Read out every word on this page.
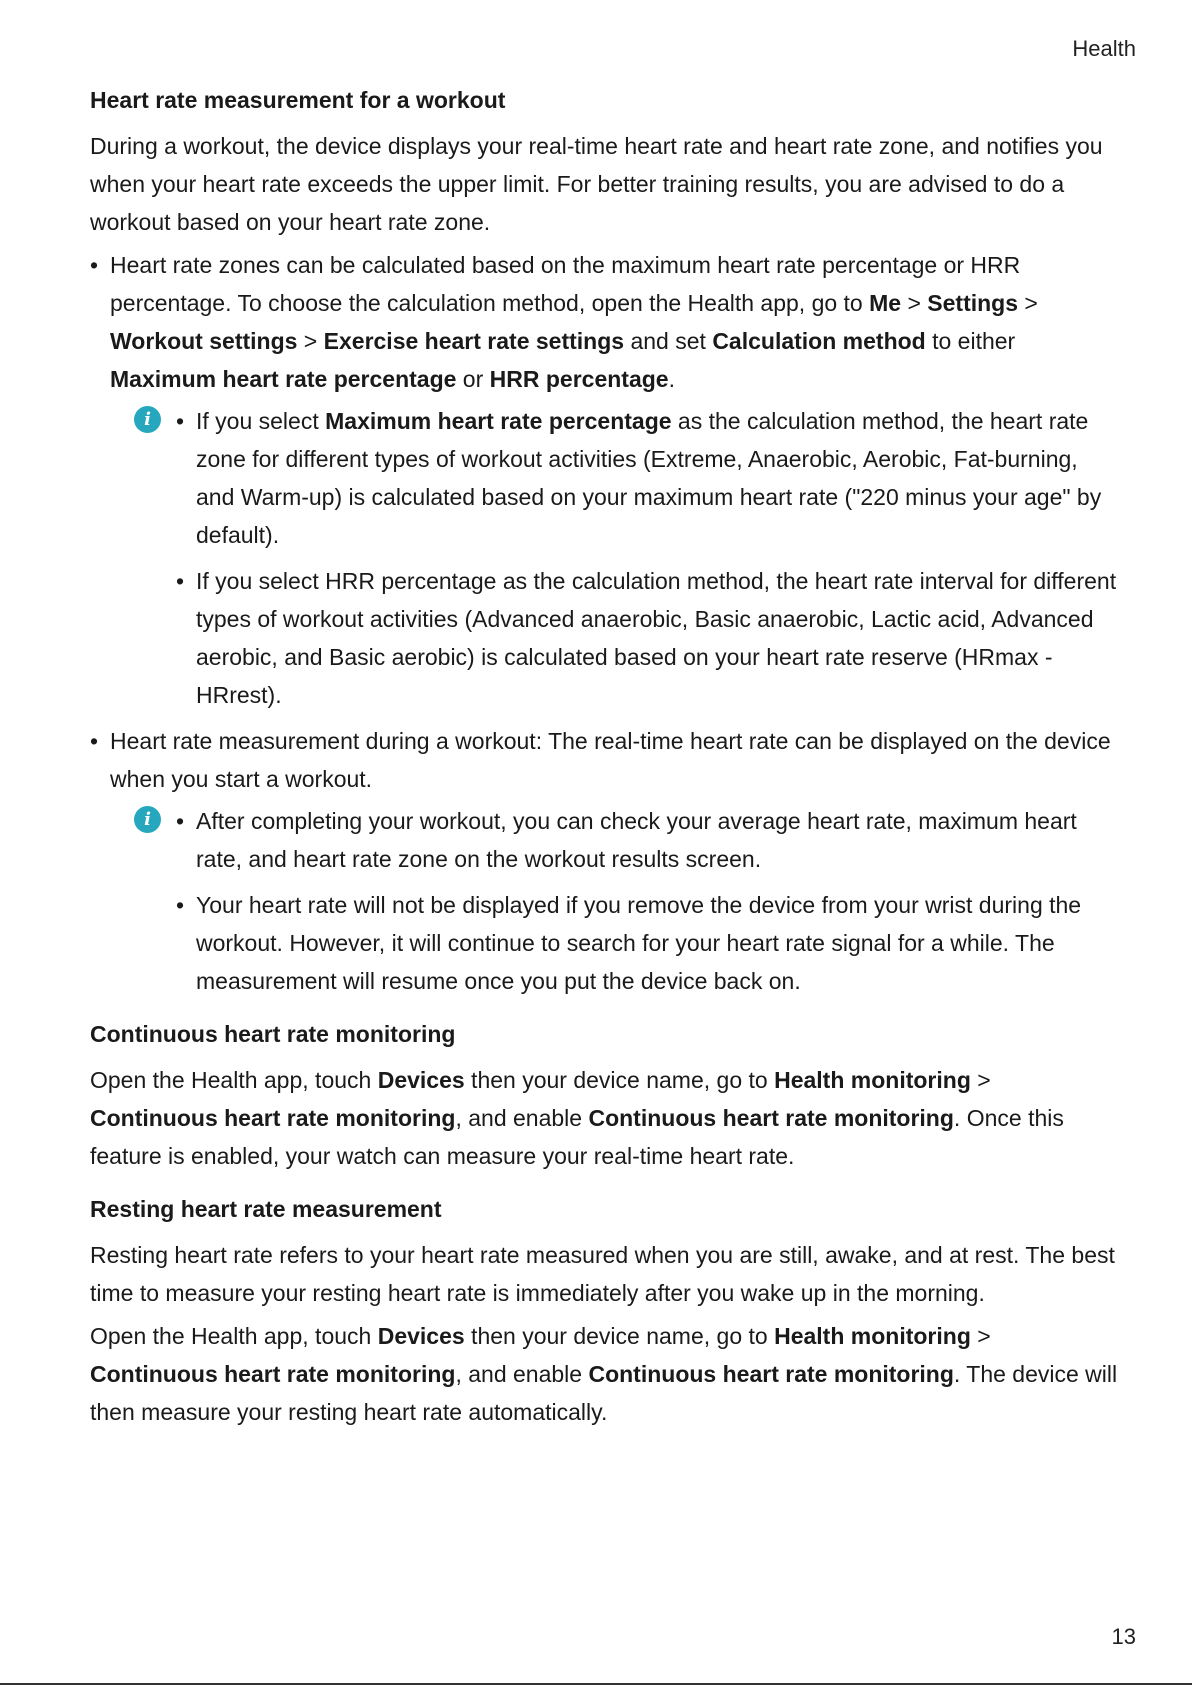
Health
Heart rate measurement for a workout

During a workout, the device displays your real-time heart rate and heart rate zone, and notifies you when your heart rate exceeds the upper limit. For better training results, you are advised to do a workout based on your heart rate zone.

• Heart rate zones can be calculated based on the maximum heart rate percentage or HRR percentage. To choose the calculation method, open the Health app, go to Me > Settings > Workout settings > Exercise heart rate settings and set Calculation method to either Maximum heart rate percentage or HRR percentage.
i	• If you select Maximum heart rate percentage as the calculation method, the heart rate zone for different types of workout activities (Extreme, Anaerobic, Aerobic, Fat-burning, and Warm-up) is calculated based on your maximum heart rate ("220 minus your age" by default).
• If you select HRR percentage as the calculation method, the heart rate interval for different types of workout activities (Advanced anaerobic, Basic anaerobic, Lactic acid, Advanced aerobic, and Basic aerobic) is calculated based on your heart rate reserve (HRmax - HRrest).
• Heart rate measurement during a workout: The real-time heart rate can be displayed on the device when you start a workout.
i	• After completing your workout, you can check your average heart rate, maximum heart rate, and heart rate zone on the workout results screen.
• Your heart rate will not be displayed if you remove the device from your wrist during the workout. However, it will continue to search for your heart rate signal for a while. The measurement will resume once you put the device back on.
Continuous heart rate monitoring

Open the Health app, touch Devices then your device name, go to Health monitoring > Continuous heart rate monitoring, and enable Continuous heart rate monitoring. Once this feature is enabled, your watch can measure your real-time heart rate.

Resting heart rate measurement

Resting heart rate refers to your heart rate measured when you are still, awake, and at rest. The best time to measure your resting heart rate is immediately after you wake up in the morning.

Open the Health app, touch Devices then your device name, go to Health monitoring > Continuous heart rate monitoring, and enable Continuous heart rate monitoring. The device will then measure your resting heart rate automatically.

13
